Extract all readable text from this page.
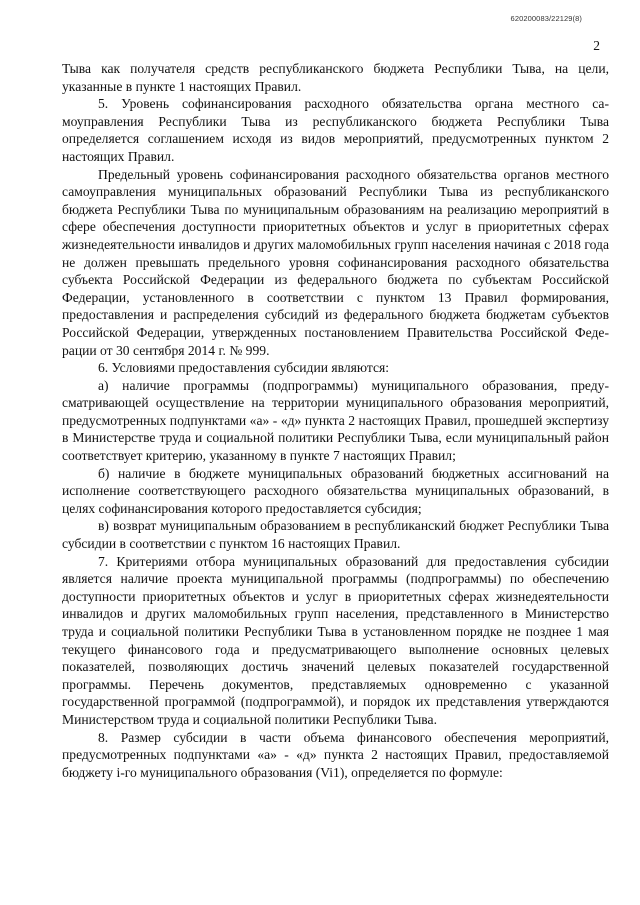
620200083/22129(8)
2

Тыва как получателя средств республиканского бюджета Республики Тыва, на цели, указанные в пункте 1 настоящих Правил.

5. Уровень софинансирования расходного обязательства органа местного самоуправления Республики Тыва из республиканского бюджета Республики Тыва определяется соглашением исходя из видов мероприятий, предусмотренных пунктом 2 настоящих Правил.

Предельный уровень софинансирования расходного обязательства органов местного самоуправления муниципальных образований Республики Тыва из республиканского бюджета Республики Тыва по муниципальным образованиям на реализацию мероприятий в сфере обеспечения доступности приоритетных объектов и услуг в приоритетных сферах жизнедеятельности инвалидов и других маломобильных групп населения начиная с 2018 года не должен превышать предельного уровня софинансирования расходного обязательства субъекта Российской Федерации из федерального бюджета по субъектам Российской Федерации, установленного в соответствии с пунктом 13 Правил формирования, предоставления и распределения субсидий из федерального бюджета бюджетам субъектов Российской Федерации, утвержденных постановлением Правительства Российской Федерации от 30 сентября 2014 г. № 999.

6. Условиями предоставления субсидии являются:

а) наличие программы (подпрограммы) муниципального образования, предусматривающей осуществление на территории муниципального образования мероприятий, предусмотренных подпунктами «а» - «д» пункта 2 настоящих Правил, прошедшей экспертизу в Министерстве труда и социальной политики Республики Тыва, если муниципальный район соответствует критерию, указанному в пункте 7 настоящих Правил;

б) наличие в бюджете муниципальных образований бюджетных ассигнований на исполнение соответствующего расходного обязательства муниципальных образований, в целях софинансирования которого предоставляется субсидия;

в) возврат муниципальным образованием в республиканский бюджет Республики Тыва субсидии в соответствии с пунктом 16 настоящих Правил.

7. Критериями отбора муниципальных образований для предоставления субсидии является наличие проекта муниципальной программы (подпрограммы) по обеспечению доступности приоритетных объектов и услуг в приоритетных сферах жизнедеятельности инвалидов и других маломобильных групп населения, представленного в Министерство труда и социальной политики Республики Тыва в установленном порядке не позднее 1 мая текущего финансового года и предусматривающего выполнение основных целевых показателей, позволяющих достичь значений целевых показателей государственной программы. Перечень документов, представляемых одновременно с указанной государственной программой (подпрограммой), и порядок их представления утверждаются Министерством труда и социальной политики Республики Тыва.

8. Размер субсидии в части объема финансового обеспечения мероприятий, предусмотренных подпунктами «а» - «д» пункта 2 настоящих Правил, предоставляемой бюджету i-го муниципального образования (Vi1), определяется по формуле:
